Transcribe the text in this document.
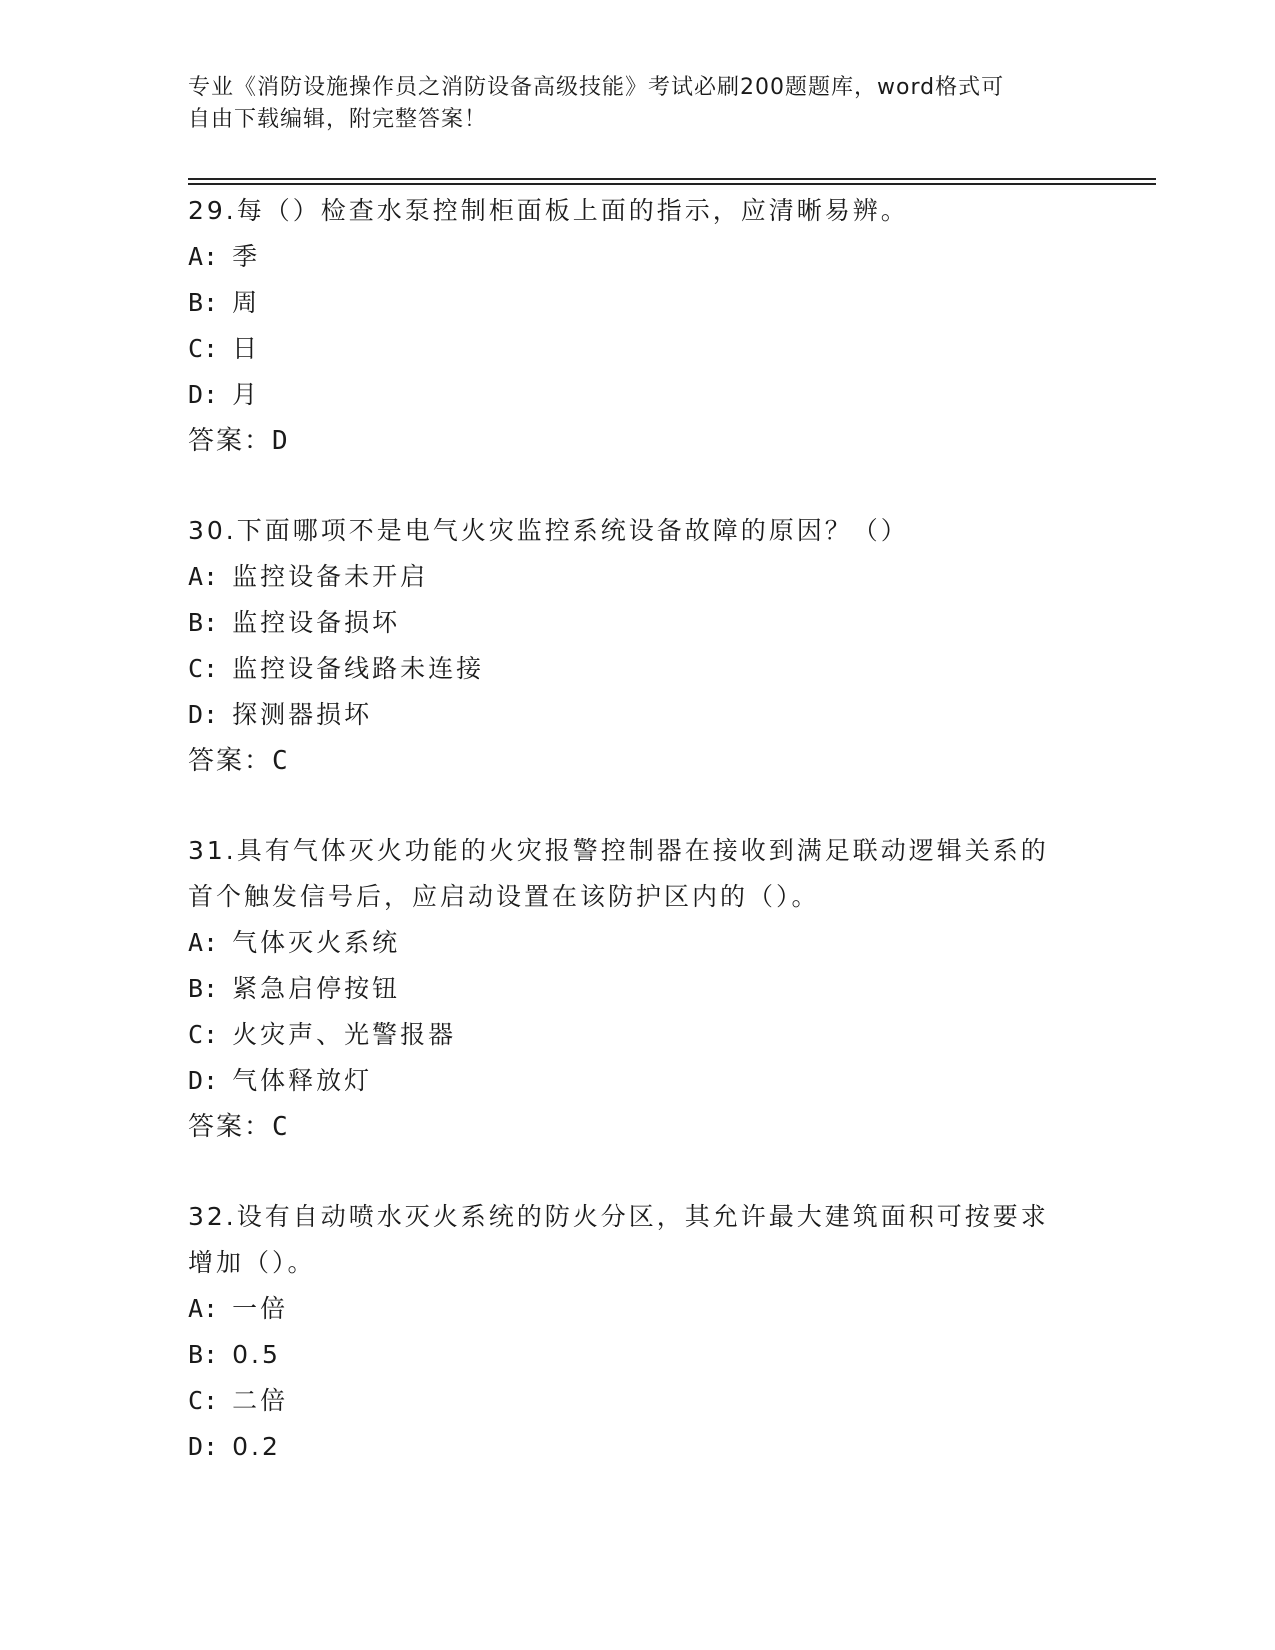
专业《消防设施操作员之消防设备高级技能》考试必刷200题题库，word格式可
自由下载编辑，附完整答案！

29.每（）检查水泵控制柜面板上面的指示，应清晰易辨。

A: 季

B: 周

C: 日

D: 月

答案：D

30.下面哪项不是电气火灾监控系统设备故障的原因？（）

A: 监控设备未开启

B: 监控设备损坏

C: 监控设备线路未连接

D: 探测器损坏

答案：C

31.具有气体灭火功能的火灾报警控制器在接收到满足联动逻辑关系的

首个触发信号后，应启动设置在该防护区内的（）。

A: 气体灭火系统

B: 紧急启停按钮

C: 火灾声、光警报器

D: 气体释放灯

答案：C

32.设有自动喷水灭火系统的防火分区，其允许最大建筑面积可按要求

增加（）。

A: 一倍

B: 0.5

C: 二倍

D: 0.2
